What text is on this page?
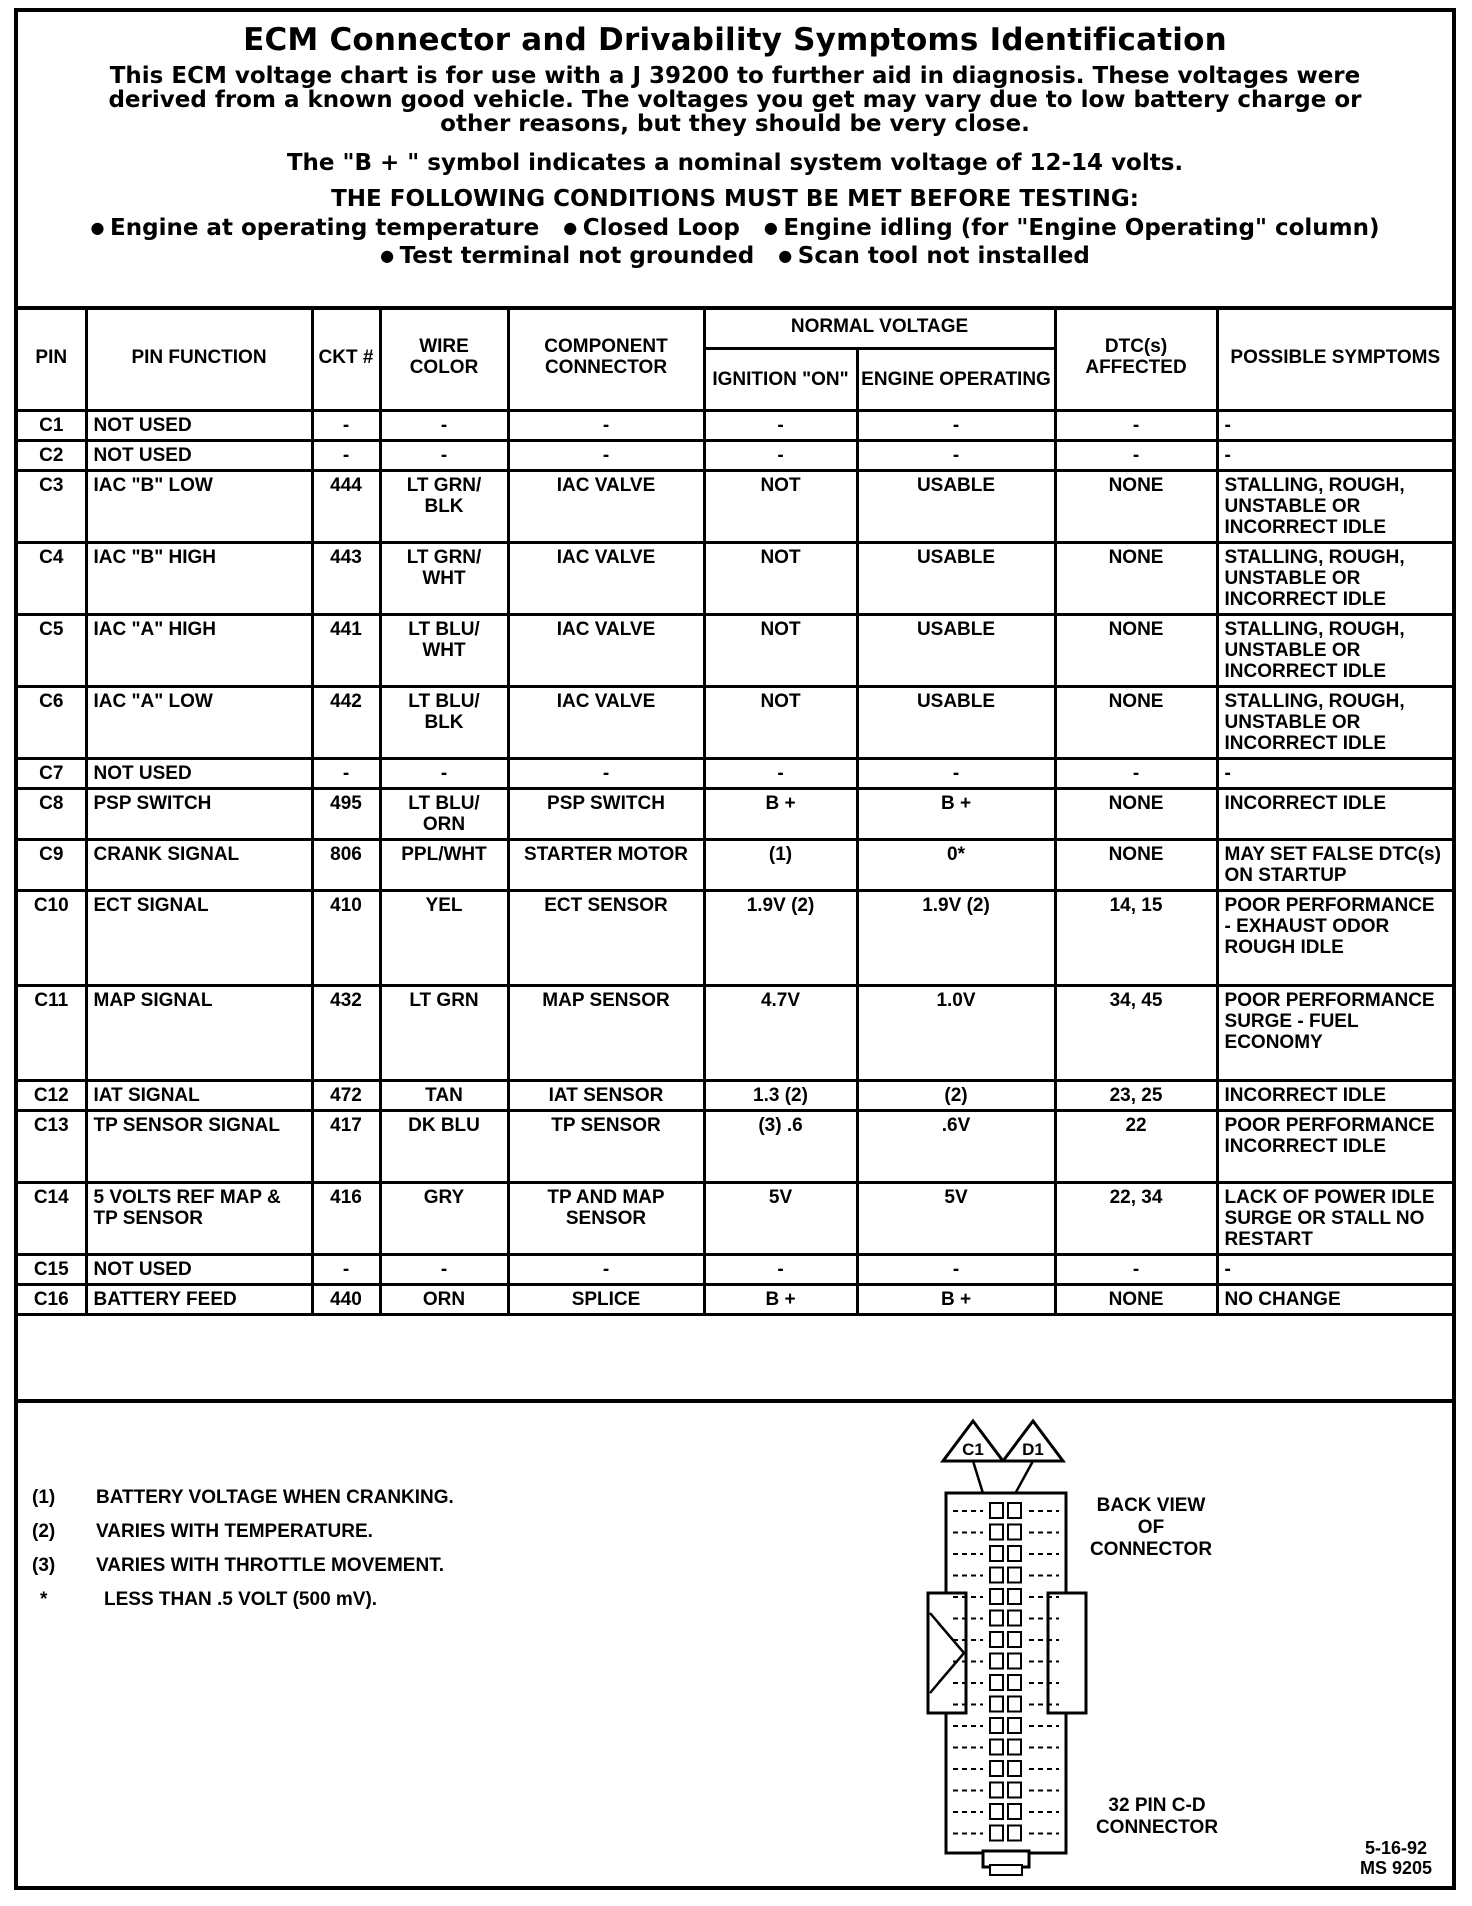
ECM Connector and Drivability Symptoms Identification
This ECM voltage chart is for use with a J 39200 to further aid in diagnosis. These voltages were derived from a known good vehicle. The voltages you get may vary due to low battery charge or other reasons, but they should be very close.
The "B + " symbol indicates a nominal system voltage of 12-14 volts.
THE FOLLOWING CONDITIONS MUST BE MET BEFORE TESTING:
● Engine at operating temperature ● Closed Loop ● Engine idling (for "Engine Operating" column)
● Test terminal not grounded ● Scan tool not installed
PIN	PIN FUNCTION	CKT #	WIRE COLOR	COMPONENT CONNECTOR	NORMAL VOLTAGE		DTC(s) AFFECTED	POSSIBLE SYMPTOMS
					IGNITION "ON"	ENGINE OPERATING		
C1	NOT USED	-	-	-	-	-	-	-
C2	NOT USED	-	-	-	-	-	-	-
C3	IAC "B" LOW	444	LT GRN/ BLK	IAC VALVE	NOT	USABLE	NONE	STALLING, ROUGH, UNSTABLE OR INCORRECT IDLE
C4	IAC "B" HIGH	443	LT GRN/ WHT	IAC VALVE	NOT	USABLE	NONE	STALLING, ROUGH, UNSTABLE OR INCORRECT IDLE
C5	IAC "A" HIGH	441	LT BLU/ WHT	IAC VALVE	NOT	USABLE	NONE	STALLING, ROUGH, UNSTABLE OR INCORRECT IDLE
C6	IAC "A" LOW	442	LT BLU/ BLK	IAC VALVE	NOT	USABLE	NONE	STALLING, ROUGH, UNSTABLE OR INCORRECT IDLE
C7	NOT USED	-	-	-	-	-	-	-
C8	PSP SWITCH	495	LT BLU/ ORN	PSP SWITCH	B +	B +	NONE	INCORRECT IDLE
C9	CRANK SIGNAL	806	PPL/WHT	STARTER MOTOR	(1)	0*	NONE	MAY SET FALSE DTC(s) ON STARTUP
C10	ECT SIGNAL	410	YEL	ECT SENSOR	1.9V (2)	1.9V (2)	14, 15	POOR PERFORMANCE - EXHAUST ODOR ROUGH IDLE
C11	MAP SIGNAL	432	LT GRN	MAP SENSOR	4.7V	1.0V	34, 45	POOR PERFORMANCE SURGE - FUEL ECONOMY
C12	IAT SIGNAL	472	TAN	IAT SENSOR	1.3 (2)	(2)	23, 25	INCORRECT IDLE
C13	TP SENSOR SIGNAL	417	DK BLU	TP SENSOR	(3) .6	.6V	22	POOR PERFORMANCE INCORRECT IDLE
C14	5 VOLTS REF MAP & TP SENSOR	416	GRY	TP AND MAP SENSOR	5V	5V	22, 34	LACK OF POWER IDLE SURGE OR STALL NO RESTART
C15	NOT USED	-	-	-	-	-	-	-
C16	BATTERY FEED	440	ORN	SPLICE	B +	B +	NONE	NO CHANGE
(1)	BATTERY VOLTAGE WHEN CRANKING.
(2)	VARIES WITH TEMPERATURE.
(3)	VARIES WITH THROTTLE MOVEMENT.
*	LESS THAN .5 VOLT (500 mV).
C1 D1
BACK VIEW
OF
CONNECTOR
32 PIN C-D
CONNECTOR
5-16-92
MS 9205
